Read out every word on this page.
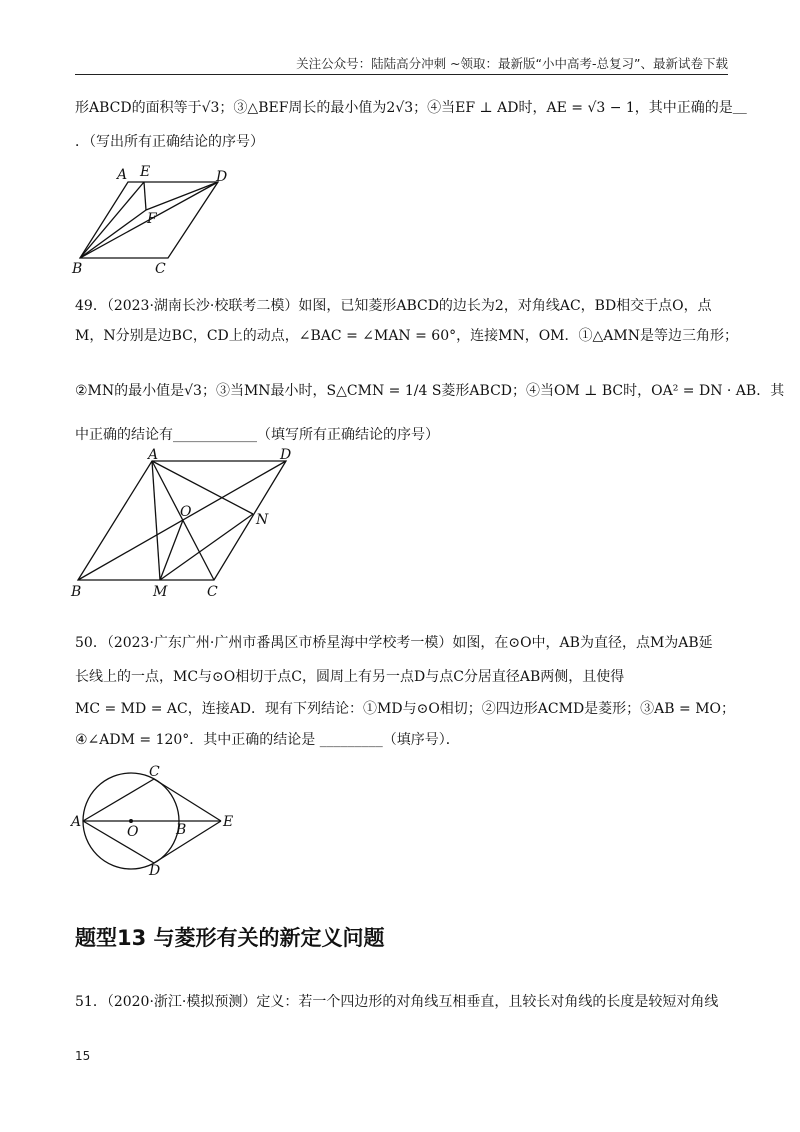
关注公众号：陆陆高分冲刺 ~领取：最新版“小中高考-总复习”、最新试卷下载
形ABCD的面积等于√3；③△BEF周长的最小值为2√3；④当EF ⊥ AD时，AE = √3 − 1，其中正确的是＿
．（写出所有正确结论的序号）
A E	D
F
B	C
49．（2023·湖南长沙·校联考二模）如图，已知菱形ABCD的边长为2，对角线AC，BD相交于点O，点
M，N分别是边BC，CD上的动点，∠BAC = ∠MAN = 60°，连接MN，OM．①△AMN是等边三角形；
②MN的最小值是√3；③当MN最小时，S△CMN = 1/4 S菱形ABCD；④当OM ⊥ BC时，OA² = DN · AB．其
中正确的结论有____________（填写所有正确结论的序号）
A	D
O	N
B	M	C
50．（2023·广东广州·广州市番禺区市桥星海中学校考一模）如图，在⊙O中，AB为直径，点M为AB延
长线上的一点，MC与⊙O相切于点C，圆周上有另一点D与点C分居直径AB两侧，且使得
MC = MD = AC，连接AD．现有下列结论：①MD与⊙O相切；②四边形ACMD是菱形；③AB = MO；
④∠ADM = 120°．其中正确的结论是 _________（填序号）．
C
A
O	B	E
D
题型13 与菱形有关的新定义问题
51．（2020·浙江·模拟预测）定义：若一个四边形的对角线互相垂直，且较长对角线的长度是较短对角线
15
